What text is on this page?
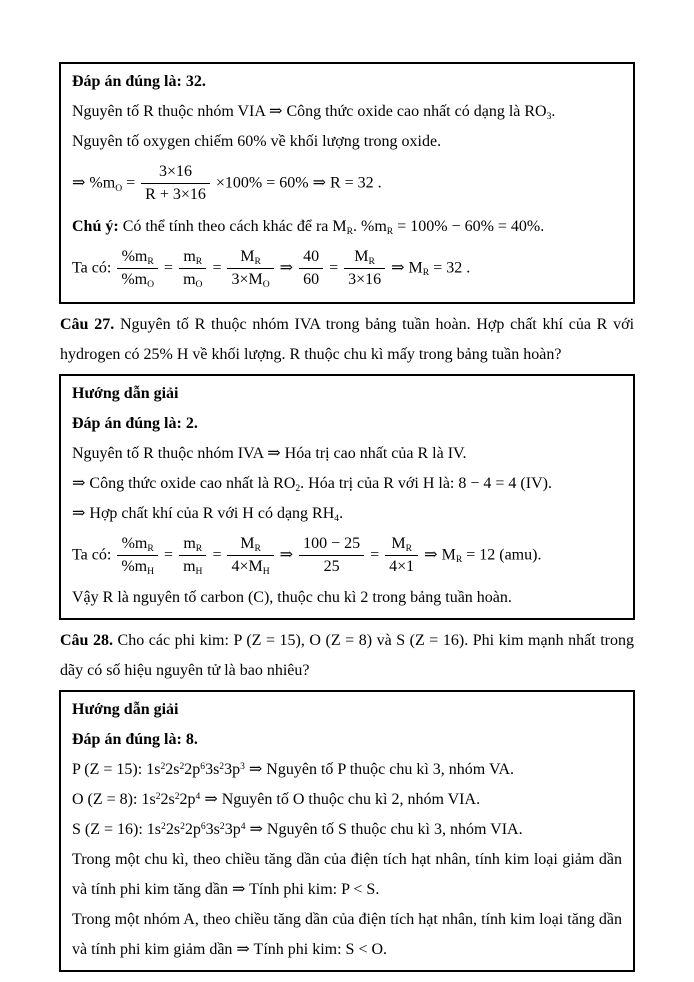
Đáp án đúng là: 32.

Nguyên tố R thuộc nhóm VIA ⇒ Công thức oxide cao nhất có dạng là $RO_3$.

Nguyên tố oxygen chiếm 60% về khối lượng trong oxide.

⇒ $\%m_O = \frac{3\times 16}{R + 3\times 16} \times 100\% = 60\%$ ⇒ R = 32 .

Chú ý: Có thể tính theo cách khác để ra $M_R$. $\%m_R = 100\% - 60\% = 40\%$.

Ta có: $\frac{\%m_R}{\%m_O} = \frac{m_R}{m_O} = \frac{M_R}{3\times M_O}$ ⇒ $\frac{40}{60} = \frac{M_R}{3\times 16}$ ⇒ $M_R = 32$ .

Câu 27. Nguyên tố R thuộc nhóm IVA trong bảng tuần hoàn. Hợp chất khí của R với hydrogen có 25% H về khối lượng. R thuộc chu kì mấy trong bảng tuần hoàn?

Hướng dẫn giải

Đáp án đúng là: 2.

Nguyên tố R thuộc nhóm IVA ⇒ Hóa trị cao nhất của R là IV.

⇒ Công thức oxide cao nhất là $RO_2$. Hóa trị của R với H là: 8 − 4 = 4 (IV).

⇒ Hợp chất khí của R với H có dạng $RH_4$.

Ta có: $\frac{\%m_R}{\%m_H} = \frac{m_R}{m_H} = \frac{M_R}{4\times M_H}$ ⇒ $\frac{100 - 25}{25} = \frac{M_R}{4\times 1}$ ⇒ $M_R = 12$ (amu).

Vậy R là nguyên tố carbon (C), thuộc chu kì 2 trong bảng tuần hoàn.

Câu 28. Cho các phi kim: P (Z = 15), O (Z = 8) và S (Z = 16). Phi kim mạnh nhất trong dãy có số hiệu nguyên tử là bao nhiêu?

Hướng dẫn giải

Đáp án đúng là: 8.

P (Z = 15): $1s^22s^22p^63s^23p^3$ ⇒ Nguyên tố P thuộc chu kì 3, nhóm VA.

O (Z = 8): $1s^22s^22p^4$ ⇒ Nguyên tố O thuộc chu kì 2, nhóm VIA.

S (Z = 16): $1s^22s^22p^63s^23p^4$ ⇒ Nguyên tố S thuộc chu kì 3, nhóm VIA.

Trong một chu kì, theo chiều tăng dần của điện tích hạt nhân, tính kim loại giảm dần và tính phi kim tăng dần ⇒ Tính phi kim: P < S.

Trong một nhóm A, theo chiều tăng dần của điện tích hạt nhân, tính kim loại tăng dần và tính phi kim giảm dần ⇒ Tính phi kim: S < O.
